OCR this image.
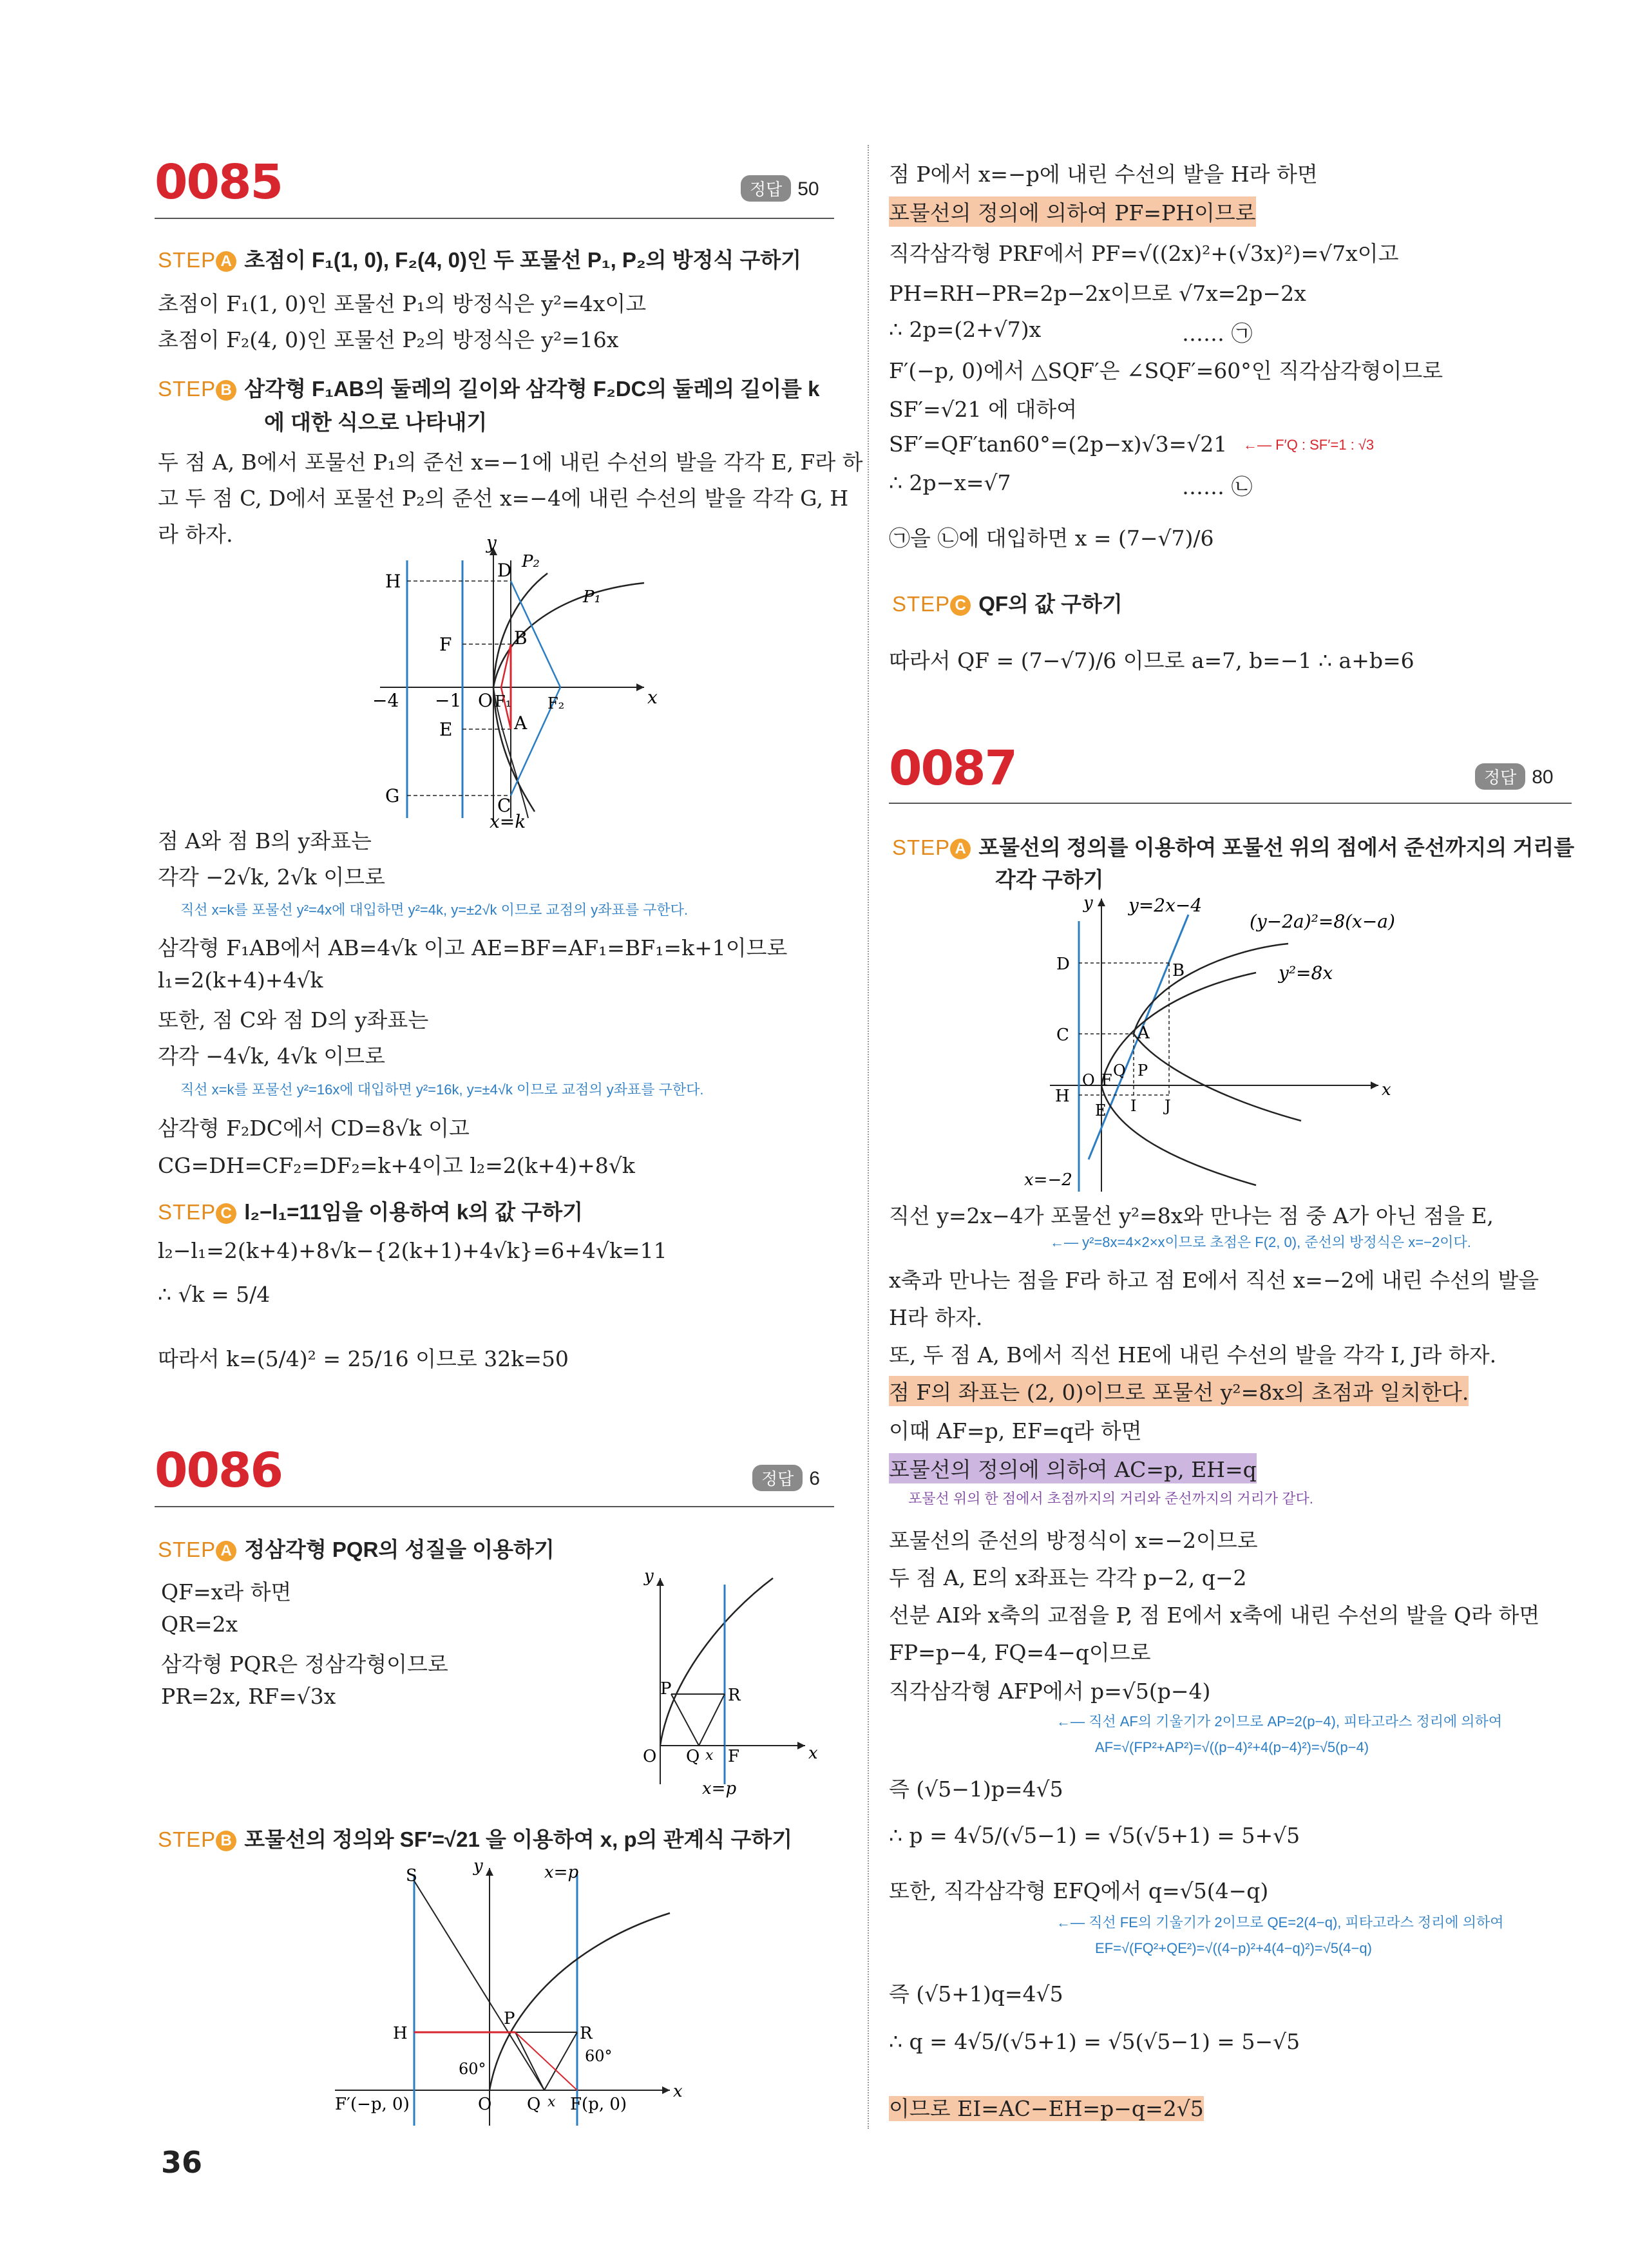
0085	정답 50
STEP A 초점이 F₁(1, 0), F₂(4, 0)인 두 포물선 P₁, P₂의 방정식 구하기
초점이 F₁(1, 0)인 포물선 P₁의 방정식은 y²=4x이고
초점이 F₂(4, 0)인 포물선 P₂의 방정식은 y²=16x
STEP B 삼각형 F₁AB의 둘레의 길이와 삼각형 F₂DC의 둘레의 길이를 k
에 대한 식으로 나타내기
두 점 A, B에서 포물선 P₁의 준선 x=−1에 내린 수선의 발을 각각 E, F라 하
고 두 점 C, D에서 포물선 P₂의 준선 x=−4에 내린 수선의 발을 각각 G, H
라 하자.	y
x
O
P₂
P₁
H
F
E
G
D
B
A
C
F₁ F₂
−4 −1
x=k
점 A와 점 B의 y좌표는
각각 −2√k, 2√k 이므로
직선 x=k를 포물선 y²=4x에 대입하면 y²=4k, y=±2√k 이므로 교점의 y좌표를 구한다.
삼각형 F₁AB에서 AB=4√k 이고 AE=BF=AF₁=BF₁=k+1이므로
l₁=2(k+4)+4√k
또한, 점 C와 점 D의 y좌표는
각각 −4√k, 4√k 이므로
직선 x=k를 포물선 y²=16x에 대입하면 y²=16k, y=±4√k 이므로 교점의 y좌표를 구한다.
삼각형 F₂DC에서 CD=8√k 이고
CG=DH=CF₂=DF₂=k+4이고 l₂=2(k+4)+8√k
STEP C l₂−l₁=11임을 이용하여 k의 값 구하기
l₂−l₁=2(k+4)+8√k−{2(k+1)+4√k}=6+4√k=11
∴ √k = 5/4
따라서 k=(5/4)² = 25/16 이므로 32k=50
0086	정답 6
STEP A 정삼각형 PQR의 성질을 이용하기
QF=x라 하면
QR=2x
삼각형 PQR은 정삼각형이므로
PR=2x, RF=√3x
y
x
O
P	R
Q x F
x=p
STEP B 포물선의 정의와 SF′=√21 을 이용하여 x, p의 관계식 구하기
y
x
x=p
S
H
P
R
O Q x F(p, 0)
F′(−p, 0)
60°
60°
점 P에서 x=−p에 내린 수선의 발을 H라 하면
포물선의 정의에 의하여 PF=PH이므로
직각삼각형 PRF에서 PF=√((2x)²+(√3x)²)=√7x이고
PH=RH−PR=2p−2x이므로 √7x=2p−2x
∴ 2p=(2+√7)x	…… ㉠
F′(−p, 0)에서 △SQF′은 ∠SQF′=60°인 직각삼각형이므로
SF′=√21 에 대하여
SF′=QF′tan60°=(2p−x)√3=√21 ←— F′Q : SF′=1 : √3
∴ 2p−x=√7	…… ㉡
㉠을 ㉡에 대입하면 x = (7−√7)/6
STEP C QF의 값 구하기
따라서 QF = (7−√7)/6 이므로 a=7, b=−1 ∴ a+b=6
0087	정답 80
STEP A 포물선의 정의를 이용하여 포물선 위의 점에서 준선까지의 거리를
각각 구하기
y
x
y=2x−4
(y−2a)²=8(x−a)
y²=8x
D	B
C	A
P
Q
O F
H
E I J
x=−2
직선 y=2x−4가 포물선 y²=8x와 만나는 점 중 A가 아닌 점을 E,
←— y²=8x=4×2×x이므로 초점은 F(2, 0), 준선의 방정식은 x=−2이다.
x축과 만나는 점을 F라 하고 점 E에서 직선 x=−2에 내린 수선의 발을
H라 하자.
또, 두 점 A, B에서 직선 HE에 내린 수선의 발을 각각 I, J라 하자.
점 F의 좌표는 (2, 0)이므로 포물선 y²=8x의 초점과 일치한다.
이때 AF=p, EF=q라 하면
포물선의 정의에 의하여 AC=p, EH=q
포물선 위의 한 점에서 초점까지의 거리와 준선까지의 거리가 같다.
포물선의 준선의 방정식이 x=−2이므로
두 점 A, E의 x좌표는 각각 p−2, q−2
선분 AI와 x축의 교점을 P, 점 E에서 x축에 내린 수선의 발을 Q라 하면
FP=p−4, FQ=4−q이므로
직각삼각형 AFP에서 p=√5(p−4)
←— 직선 AF의 기울기가 2이므로 AP=2(p−4), 피타고라스 정리에 의하여
AF=√(FP²+AP²)=√((p−4)²+4(p−4)²)=√5(p−4)
즉 (√5−1)p=4√5
∴ p = 4√5/(√5−1) = √5(√5+1) = 5+√5
또한, 직각삼각형 EFQ에서 q=√5(4−q)
←— 직선 FE의 기울기가 2이므로 QE=2(4−q), 피타고라스 정리에 의하여
EF=√(FQ²+QE²)=√((4−p)²+4(4−q)²)=√5(4−q)
즉 (√5+1)q=4√5
∴ q = 4√5/(√5+1) = √5(√5−1) = 5−√5
이므로 EI=AC−EH=p−q=2√5
36
